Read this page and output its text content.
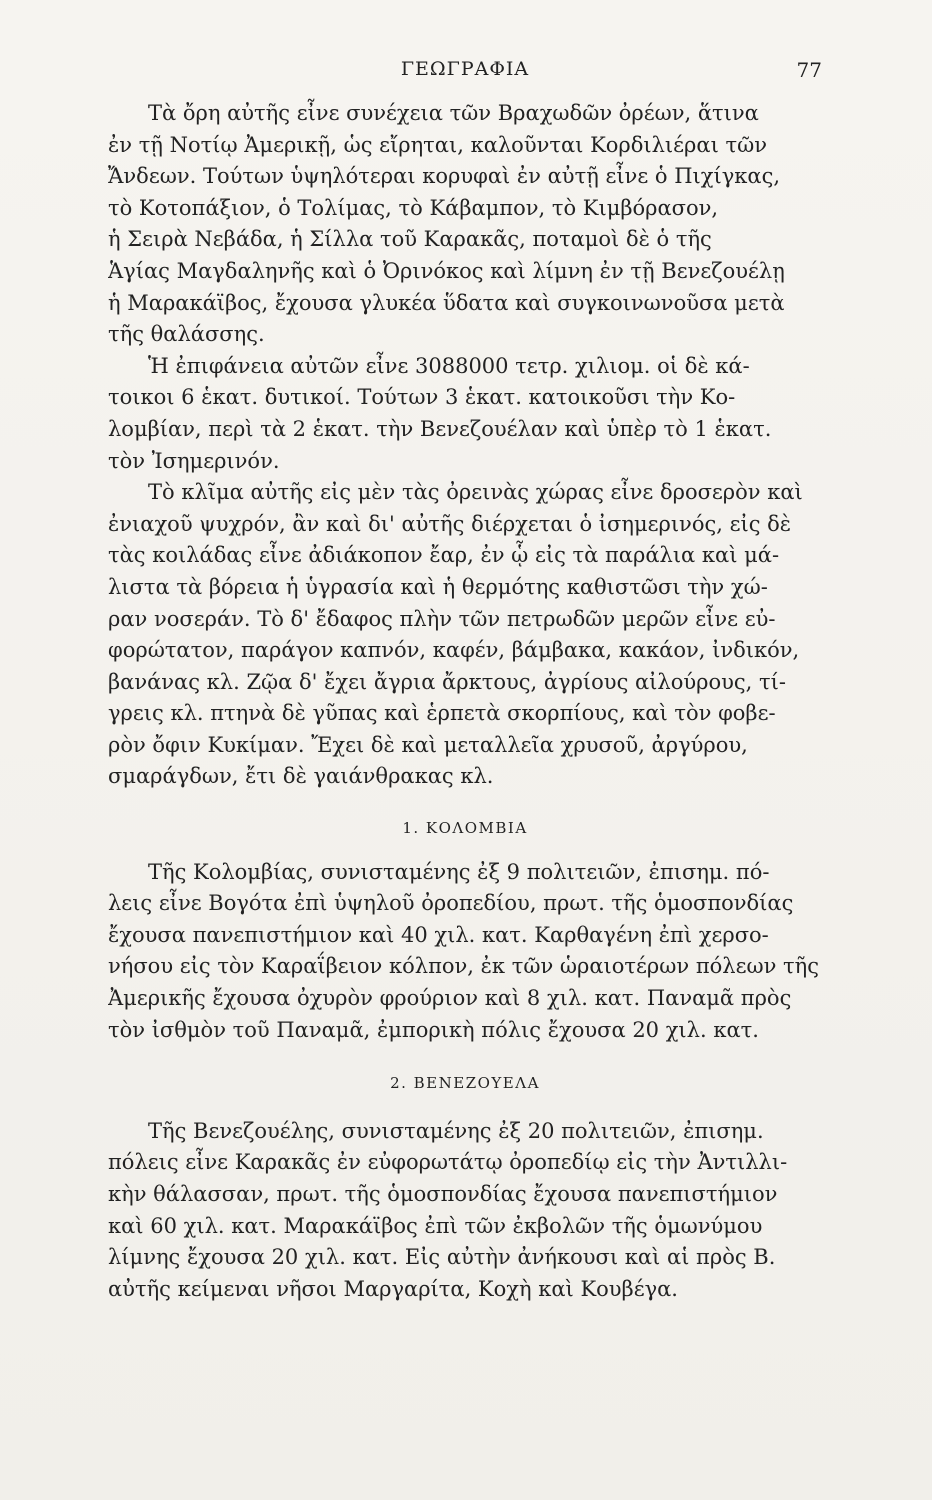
ΓΕΩΓΡΑΦΙΑ	77
Τὰ ὄρη αὐτῆς εἶνε συνέχεια τῶν Βραχωδῶν ὀρέων, ἅτινα
ἐν τῇ Νοτίῳ Ἀμερικῇ, ὡς εἴρηται, καλοῦνται Κορδιλιέραι τῶν
Ἄνδεων. Τούτων ὑψηλότεραι κορυφαὶ ἐν αὐτῇ εἶνε ὁ Πιχίγκας,
τὸ Κοτοπάξιον, ὁ Τολίμας, τὸ Κάβαμπον, τὸ Κιμβόρασον,
ἡ Σειρὰ Νεβάδα, ἡ Σίλλα τοῦ Καρακᾶς, ποταμοὶ δὲ ὁ τῆς
Ἁγίας Μαγδαληνῆς καὶ ὁ Ὀρινόκος καὶ λίμνη ἐν τῇ Βενεζουέλῃ
ἡ Μαρακάϊβος, ἔχουσα γλυκέα ὕδατα καὶ συγκοινωνοῦσα μετὰ
τῆς θαλάσσης.
Ἡ ἐπιφάνεια αὐτῶν εἶνε 3088000 τετρ. χιλιομ. οἱ δὲ κά-
τοικοι 6 ἑκατ. δυτικοί. Τούτων 3 ἑκατ. κατοικοῦσι τὴν Κο-
λομβίαν, περὶ τὰ 2 ἑκατ. τὴν Βενεζουέλαν καὶ ὑπὲρ τὸ 1 ἑκατ.
τὸν Ἰσημερινόν.
Τὸ κλῖμα αὐτῆς εἰς μὲν τὰς ὀρεινὰς χώρας εἶνε δροσερὸν καὶ
ἐνιαχοῦ ψυχρόν, ἂν καὶ δι' αὐτῆς διέρχεται ὁ ἰσημερινός, εἰς δὲ
τὰς κοιλάδας εἶνε ἀδιάκοπον ἔαρ, ἐν ᾧ εἰς τὰ παράλια καὶ μά-
λιστα τὰ βόρεια ἡ ὑγρασία καὶ ἡ θερμότης καθιστῶσι τὴν χώ-
ραν νοσεράν. Τὸ δ' ἔδαφος πλὴν τῶν πετρωδῶν μερῶν εἶνε εὐ-
φορώτατον, παράγον καπνόν, καφέν, βάμβακα, κακάον, ἰνδικόν,
βανάνας κλ. Ζῷα δ' ἔχει ἄγρια ἄρκτους, ἀγρίους αἰλούρους, τί-
γρεις κλ. πτηνὰ δὲ γῦπας καὶ ἑρπετὰ σκορπίους, καὶ τὸν φοβε-
ρὸν ὄφιν Κυκίμαν. Ἔχει δὲ καὶ μεταλλεῖα χρυσοῦ, ἀργύρου,
σμαράγδων, ἔτι δὲ γαιάνθρακας κλ.
1. ΚΟΛΟΜΒΙΑ
Τῆς Κολομβίας, συνισταμένης ἐξ 9 πολιτειῶν, ἐπισημ. πό-
λεις εἶνε Βογότα ἐπὶ ὑψηλοῦ ὀροπεδίου, πρωτ. τῆς ὁμοσπονδίας
ἔχουσα πανεπιστήμιον καὶ 40 χιλ. κατ. Καρθαγένη ἐπὶ χερσο-
νήσου εἰς τὸν Καραΐβειον κόλπον, ἐκ τῶν ὡραιοτέρων πόλεων τῆς
Ἀμερικῆς ἔχουσα ὀχυρὸν φρούριον καὶ 8 χιλ. κατ. Παναμᾶ πρὸς
τὸν ἰσθμὸν τοῦ Παναμᾶ, ἐμπορικὴ πόλις ἔχουσα 20 χιλ. κατ.
2. ΒΕΝΕΖΟΥΕΛΑ
Τῆς Βενεζουέλης, συνισταμένης ἐξ 20 πολιτειῶν, ἐπισημ.
πόλεις εἶνε Καρακᾶς ἐν εὐφορωτάτῳ ὀροπεδίῳ εἰς τὴν Ἀντιλλι-
κὴν θάλασσαν, πρωτ. τῆς ὁμοσπονδίας ἔχουσα πανεπιστήμιον
καὶ 60 χιλ. κατ. Μαρακάϊβος ἐπὶ τῶν ἐκβολῶν τῆς ὁμωνύμου
λίμνης ἔχουσα 20 χιλ. κατ. Εἰς αὐτὴν ἀνήκουσι καὶ αἱ πρὸς Β.
αὐτῆς κείμεναι νῆσοι Μαργαρίτα, Κοχὴ καὶ Κουβέγα.
